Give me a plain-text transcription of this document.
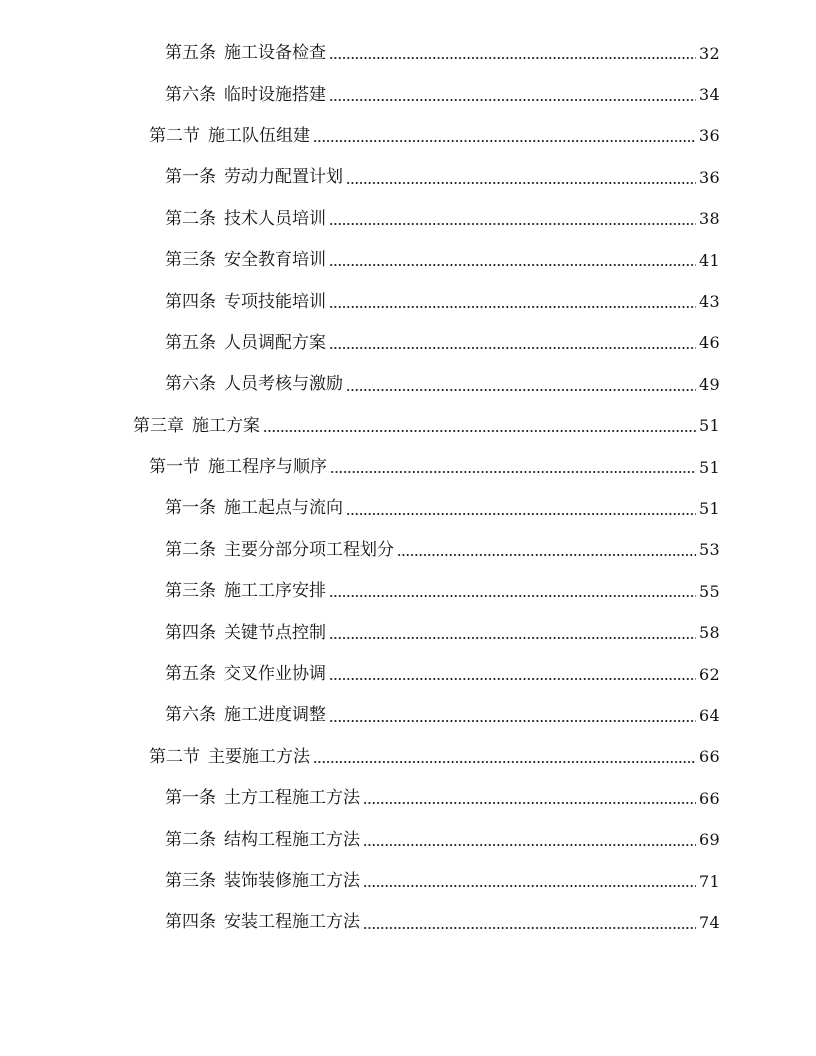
第五条 施工设备检查	32
第六条 临时设施搭建	34
第二节 施工队伍组建	36
第一条 劳动力配置计划	36
第二条 技术人员培训	38
第三条 安全教育培训	41
第四条 专项技能培训	43
第五条 人员调配方案	46
第六条 人员考核与激励	49
第三章 施工方案	51
第一节 施工程序与顺序	51
第一条 施工起点与流向	51
第二条 主要分部分项工程划分	53
第三条 施工工序安排	55
第四条 关键节点控制	58
第五条 交叉作业协调	62
第六条 施工进度调整	64
第二节 主要施工方法	66
第一条 土方工程施工方法	66
第二条 结构工程施工方法	69
第三条 装饰装修施工方法	71
第四条 安装工程施工方法	74
